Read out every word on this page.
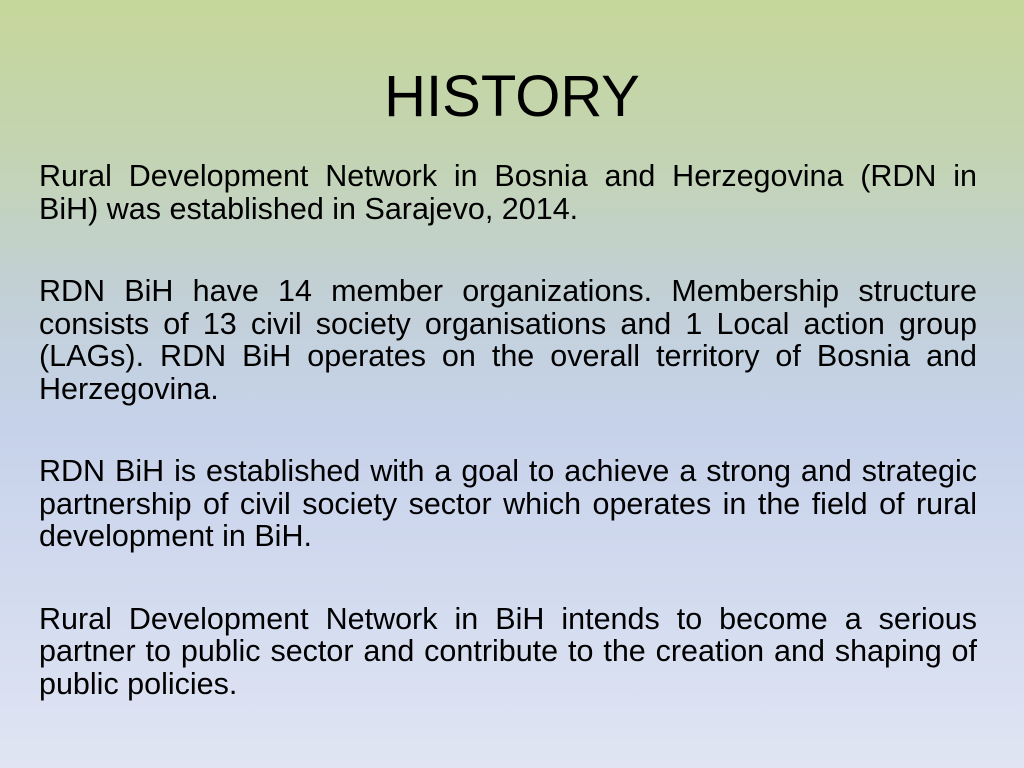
HISTORY

Rural Development Network in Bosnia and Herzegovina (RDN in BiH) was established in Sarajevo, 2014.

RDN BiH have 14 member organizations. Membership structure consists of 13 civil society organisations and 1 Local action group (LAGs). RDN BiH operates on the overall territory of Bosnia and Herzegovina.

RDN BiH is established with a goal to achieve a strong and strategic partnership of civil society sector which operates in the field of rural development in BiH.

Rural Development Network in BiH intends to become a serious partner to public sector and contribute to the creation and shaping of public policies.
